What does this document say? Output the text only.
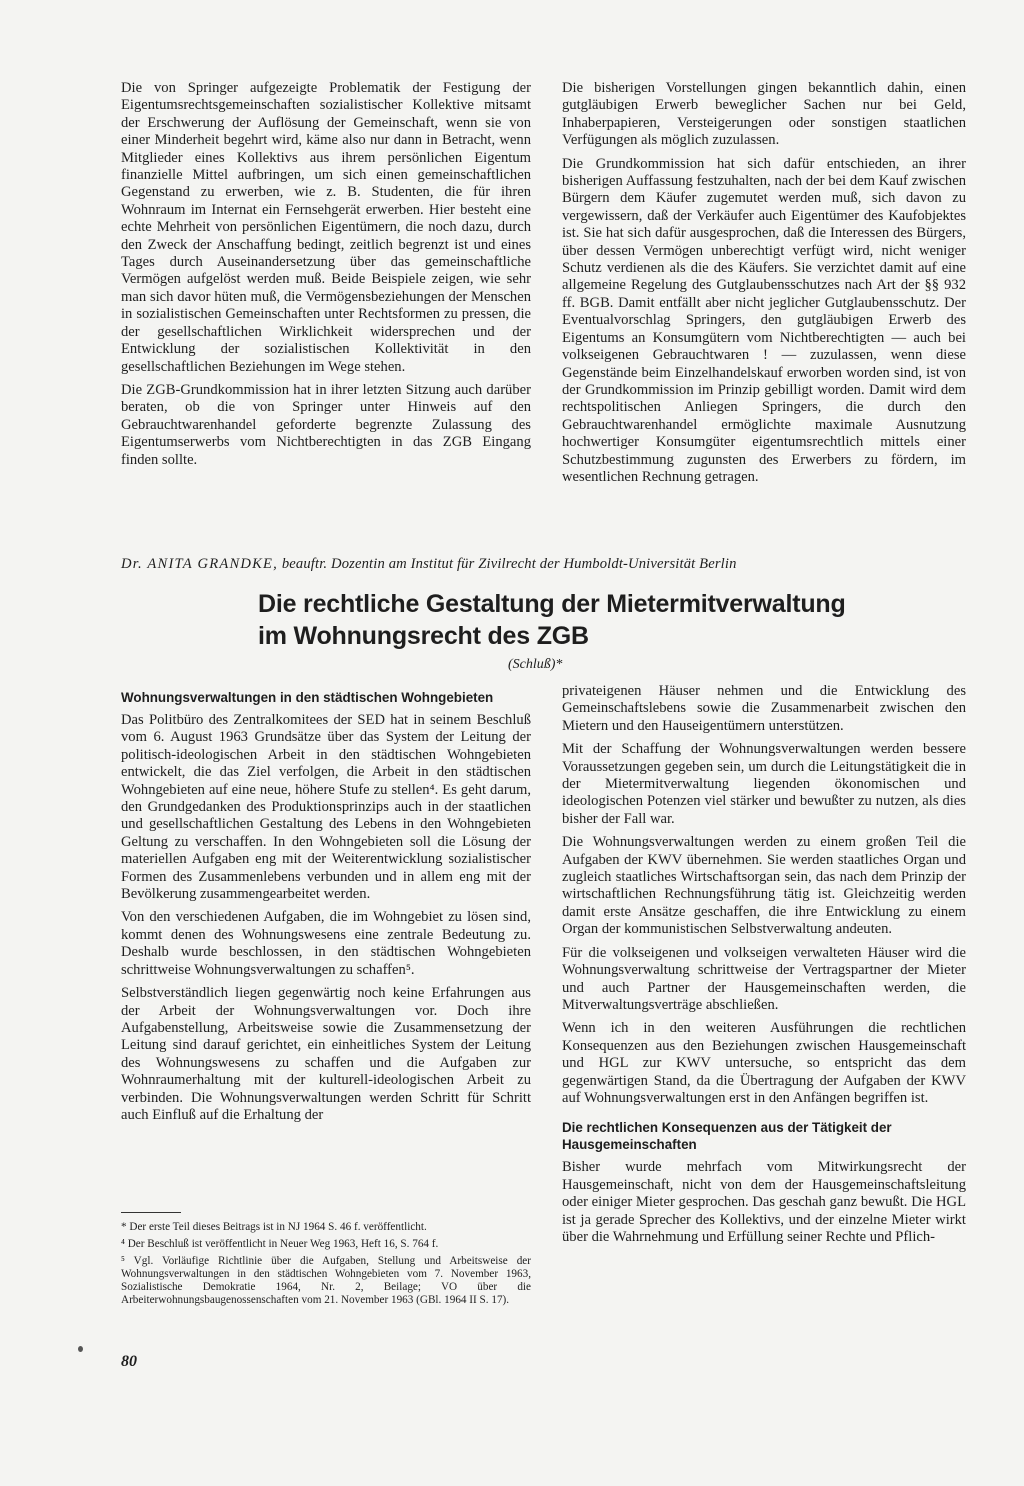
Die von Springer aufgezeigte Problematik der Festigung der Eigentumsrechtsgemeinschaften sozialistischer Kollektive mitsamt der Erschwerung der Auflösung der Gemeinschaft, wenn sie von einer Minderheit begehrt wird, käme also nur dann in Betracht, wenn Mitglieder eines Kollektivs aus ihrem persönlichen Eigentum finanzielle Mittel aufbringen, um sich einen gemeinschaftlichen Gegenstand zu erwerben, wie z. B. Studenten, die für ihren Wohnraum im Internat ein Fernsehgerät erwerben. Hier besteht eine echte Mehrheit von persönlichen Eigentümern, die noch dazu, durch den Zweck der Anschaffung bedingt, zeitlich begrenzt ist und eines Tages durch Auseinandersetzung über das gemeinschaftliche Vermögen aufgelöst werden muß. Beide Beispiele zeigen, wie sehr man sich davor hüten muß, die Vermögensbeziehungen der Menschen in sozialistischen Gemeinschaften unter Rechtsformen zu pressen, die der gesellschaftlichen Wirklichkeit widersprechen und der Entwicklung der sozialistischen Kollektivität in den gesellschaftlichen Beziehungen im Wege stehen.

Die ZGB-Grundkommission hat in ihrer letzten Sitzung auch darüber beraten, ob die von Springer unter Hinweis auf den Gebrauchtwarenhandel geforderte begrenzte Zulassung des Eigentumserwerbs vom Nichtberechtigten in das ZGB Eingang finden sollte.

Die bisherigen Vorstellungen gingen bekanntlich dahin, einen gutgläubigen Erwerb beweglicher Sachen nur bei Geld, Inhaberpapieren, Versteigerungen oder sonstigen staatlichen Verfügungen als möglich zuzulassen.

Die Grundkommission hat sich dafür entschieden, an ihrer bisherigen Auffassung festzuhalten, nach der bei dem Kauf zwischen Bürgern dem Käufer zugemutet werden muß, sich davon zu vergewissern, daß der Verkäufer auch Eigentümer des Kaufobjektes ist. Sie hat sich dafür ausgesprochen, daß die Interessen des Bürgers, über dessen Vermögen unberechtigt verfügt wird, nicht weniger Schutz verdienen als die des Käufers. Sie verzichtet damit auf eine allgemeine Regelung des Gutglaubensschutzes nach Art der §§ 932 ff. BGB. Damit entfällt aber nicht jeglicher Gutglaubensschutz. Der Eventualvorschlag Springers, den gutgläubigen Erwerb des Eigentums an Konsumgütern vom Nichtberechtigten — auch bei volkseigenen Gebrauchtwaren ! — zuzulassen, wenn diese Gegenstände beim Einzelhandelskauf erworben worden sind, ist von der Grundkommission im Prinzip gebilligt worden. Damit wird dem rechtspolitischen Anliegen Springers, die durch den Gebrauchtwarenhandel ermöglichte maximale Ausnutzung hochwertiger Konsumgüter eigentumsrechtlich mittels einer Schutzbestimmung zugunsten des Erwerbers zu fördern, im wesentlichen Rechnung getragen.

Dr. ANITA GRANDKE, beauftr. Dozentin am Institut für Zivilrecht der Humboldt-Universität Berlin
Die rechtliche Gestaltung der Mietermitverwaltung
im Wohnungsrecht des ZGB
(Schluß)*
Wohnungsverwaltungen in den städtischen Wohngebieten

Das Politbüro des Zentralkomitees der SED hat in seinem Beschluß vom 6. August 1963 Grundsätze über das System der Leitung der politisch-ideologischen Arbeit in den städtischen Wohngebieten entwickelt, die das Ziel verfolgen, die Arbeit in den städtischen Wohngebieten auf eine neue, höhere Stufe zu stellen⁴. Es geht darum, den Grundgedanken des Produktionsprinzips auch in der staatlichen und gesellschaftlichen Gestaltung des Lebens in den Wohngebieten Geltung zu verschaffen. In den Wohngebieten soll die Lösung der materiellen Aufgaben eng mit der Weiterentwicklung sozialistischer Formen des Zusammenlebens verbunden und in allem eng mit der Bevölkerung zusammengearbeitet werden.

Von den verschiedenen Aufgaben, die im Wohngebiet zu lösen sind, kommt denen des Wohnungswesens eine zentrale Bedeutung zu. Deshalb wurde beschlossen, in den städtischen Wohngebieten schrittweise Wohnungsverwaltungen zu schaffen⁵.

Selbstverständlich liegen gegenwärtig noch keine Erfahrungen aus der Arbeit der Wohnungsverwaltungen vor. Doch ihre Aufgabenstellung, Arbeitsweise sowie die Zusammensetzung der Leitung sind darauf gerichtet, ein einheitliches System der Leitung des Wohnungswesens zu schaffen und die Aufgaben zur Wohnraumerhaltung mit der kulturell-ideologischen Arbeit zu verbinden. Die Wohnungsverwaltungen werden Schritt für Schritt auch Einfluß auf die Erhaltung der

privateigenen Häuser nehmen und die Entwicklung des Gemeinschaftslebens sowie die Zusammenarbeit zwischen den Mietern und den Hauseigentümern unterstützen.

Mit der Schaffung der Wohnungsverwaltungen werden bessere Voraussetzungen gegeben sein, um durch die Leitungstätigkeit die in der Mietermitverwaltung liegenden ökonomischen und ideologischen Potenzen viel stärker und bewußter zu nutzen, als dies bisher der Fall war.

Die Wohnungsverwaltungen werden zu einem großen Teil die Aufgaben der KWV übernehmen. Sie werden staatliches Organ und zugleich staatliches Wirtschaftsorgan sein, das nach dem Prinzip der wirtschaftlichen Rechnungsführung tätig ist. Gleichzeitig werden damit erste Ansätze geschaffen, die ihre Entwicklung zu einem Organ der kommunistischen Selbstverwaltung andeuten.

Für die volkseigenen und volkseigen verwalteten Häuser wird die Wohnungsverwaltung schrittweise der Vertragspartner der Mieter und auch Partner der Hausgemeinschaften werden, die Mitverwaltungsverträge abschließen.

Wenn ich in den weiteren Ausführungen die rechtlichen Konsequenzen aus den Beziehungen zwischen Hausgemeinschaft und HGL zur KWV untersuche, so entspricht das dem gegenwärtigen Stand, da die Übertragung der Aufgaben der KWV auf Wohnungsverwaltungen erst in den Anfängen begriffen ist.

Die rechtlichen Konsequenzen aus der Tätigkeit der Hausgemeinschaften

Bisher wurde mehrfach vom Mitwirkungsrecht der Hausgemeinschaft, nicht von dem der Hausgemeinschaftsleitung oder einiger Mieter gesprochen. Das geschah ganz bewußt. Die HGL ist ja gerade Sprecher des Kollektivs, und der einzelne Mieter wirkt über die Wahrnehmung und Erfüllung seiner Rechte und Pflich-

* Der erste Teil dieses Beitrags ist in NJ 1964 S. 46 f. veröffentlicht.

⁴ Der Beschluß ist veröffentlicht in Neuer Weg 1963, Heft 16, S. 764 f.

⁵ Vgl. Vorläufige Richtlinie über die Aufgaben, Stellung und Arbeitsweise der Wohnungsverwaltungen in den städtischen Wohngebieten vom 7. November 1963, Sozialistische Demokratie 1964, Nr. 2, Beilage; VO über die Arbeiterwohnungsbaugenossenschaften vom 21. November 1963 (GBl. 1964 II S. 17).

80
